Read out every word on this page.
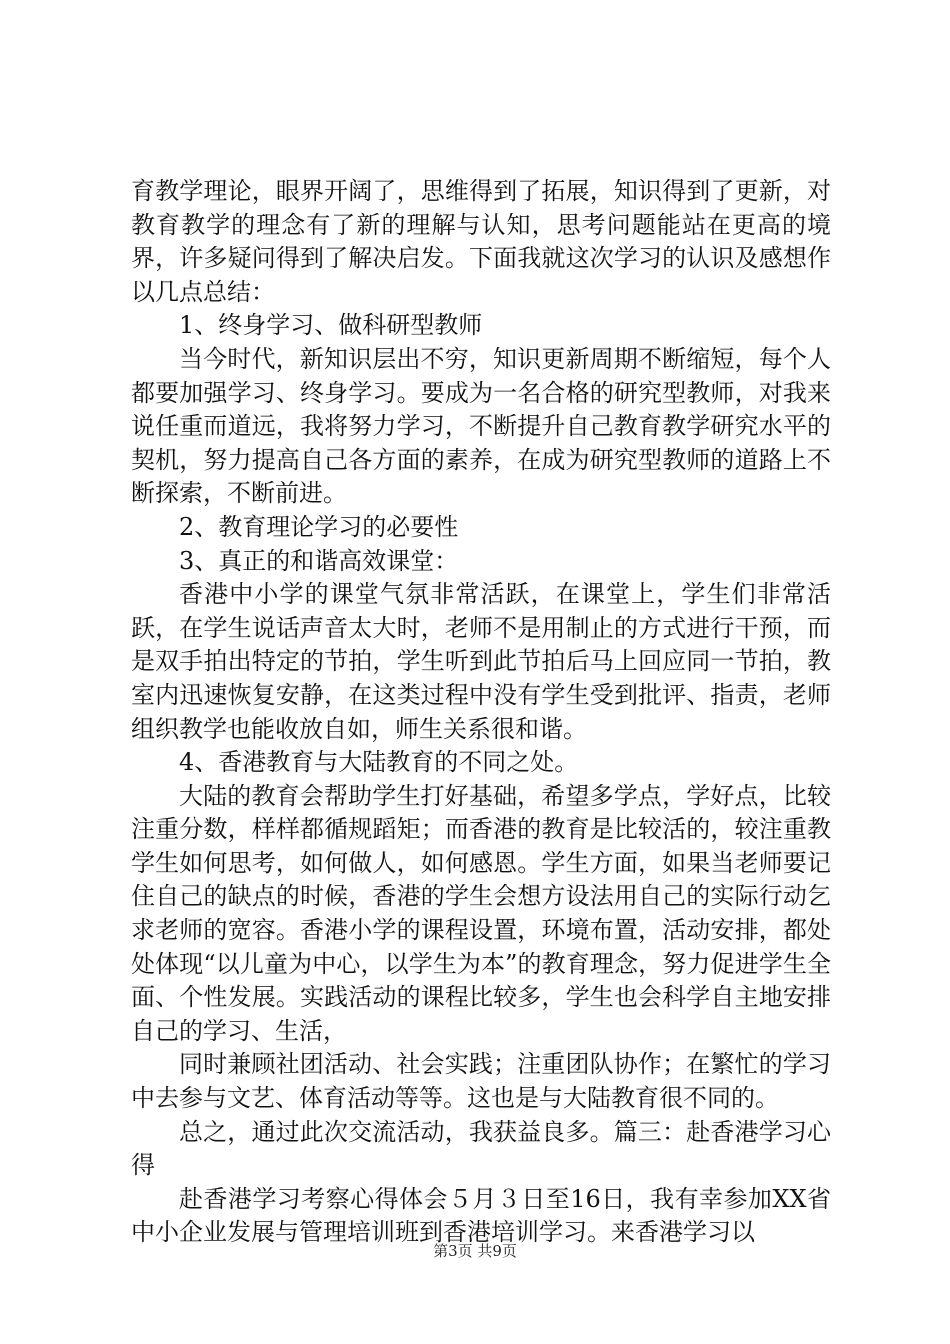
育教学理论，眼界开阔了，思维得到了拓展，知识得到了更新，对教育教学的理念有了新的理解与认知，思考问题能站在更高的境界，许多疑问得到了解决启发。下面我就这次学习的认识及感想作以几点总结：

1、终身学习、做科研型教师

当今时代，新知识层出不穷，知识更新周期不断缩短，每个人都要加强学习、终身学习。要成为一名合格的研究型教师，对我来说任重而道远，我将努力学习，不断提升自己教育教学研究水平的契机，努力提高自己各方面的素养，在成为研究型教师的道路上不断探索，不断前进。

2、教育理论学习的必要性

3、真正的和谐高效课堂：

香港中小学的课堂气氛非常活跃，在课堂上，学生们非常活跃，在学生说话声音太大时，老师不是用制止的方式进行干预，而是双手拍出特定的节拍，学生听到此节拍后马上回应同一节拍，教室内迅速恢复安静，在这类过程中没有学生受到批评、指责，老师组织教学也能收放自如，师生关系很和谐。

4、香港教育与大陆教育的不同之处。

大陆的教育会帮助学生打好基础，希望多学点，学好点，比较注重分数，样样都循规蹈矩；而香港的教育是比较活的，较注重教学生如何思考，如何做人，如何感恩。学生方面，如果当老师要记住自己的缺点的时候，香港的学生会想方设法用自己的实际行动乞求老师的宽容。香港小学的课程设置，环境布置，活动安排，都处处体现“以儿童为中心，以学生为本”的教育理念，努力促进学生全面、个性发展。实践活动的课程比较多，学生也会科学自主地安排自己的学习、生活，

同时兼顾社团活动、社会实践；注重团队协作；在繁忙的学习中去参与文艺、体育活动等等。这也是与大陆教育很不同的。

总之，通过此次交流活动，我获益良多。篇三：赴香港学习心得

赴香港学习考察心得体会５月３日至16日，我有幸参加XX省中小企业发展与管理培训班到香港培训学习。来香港学习以

第3页 共9页
